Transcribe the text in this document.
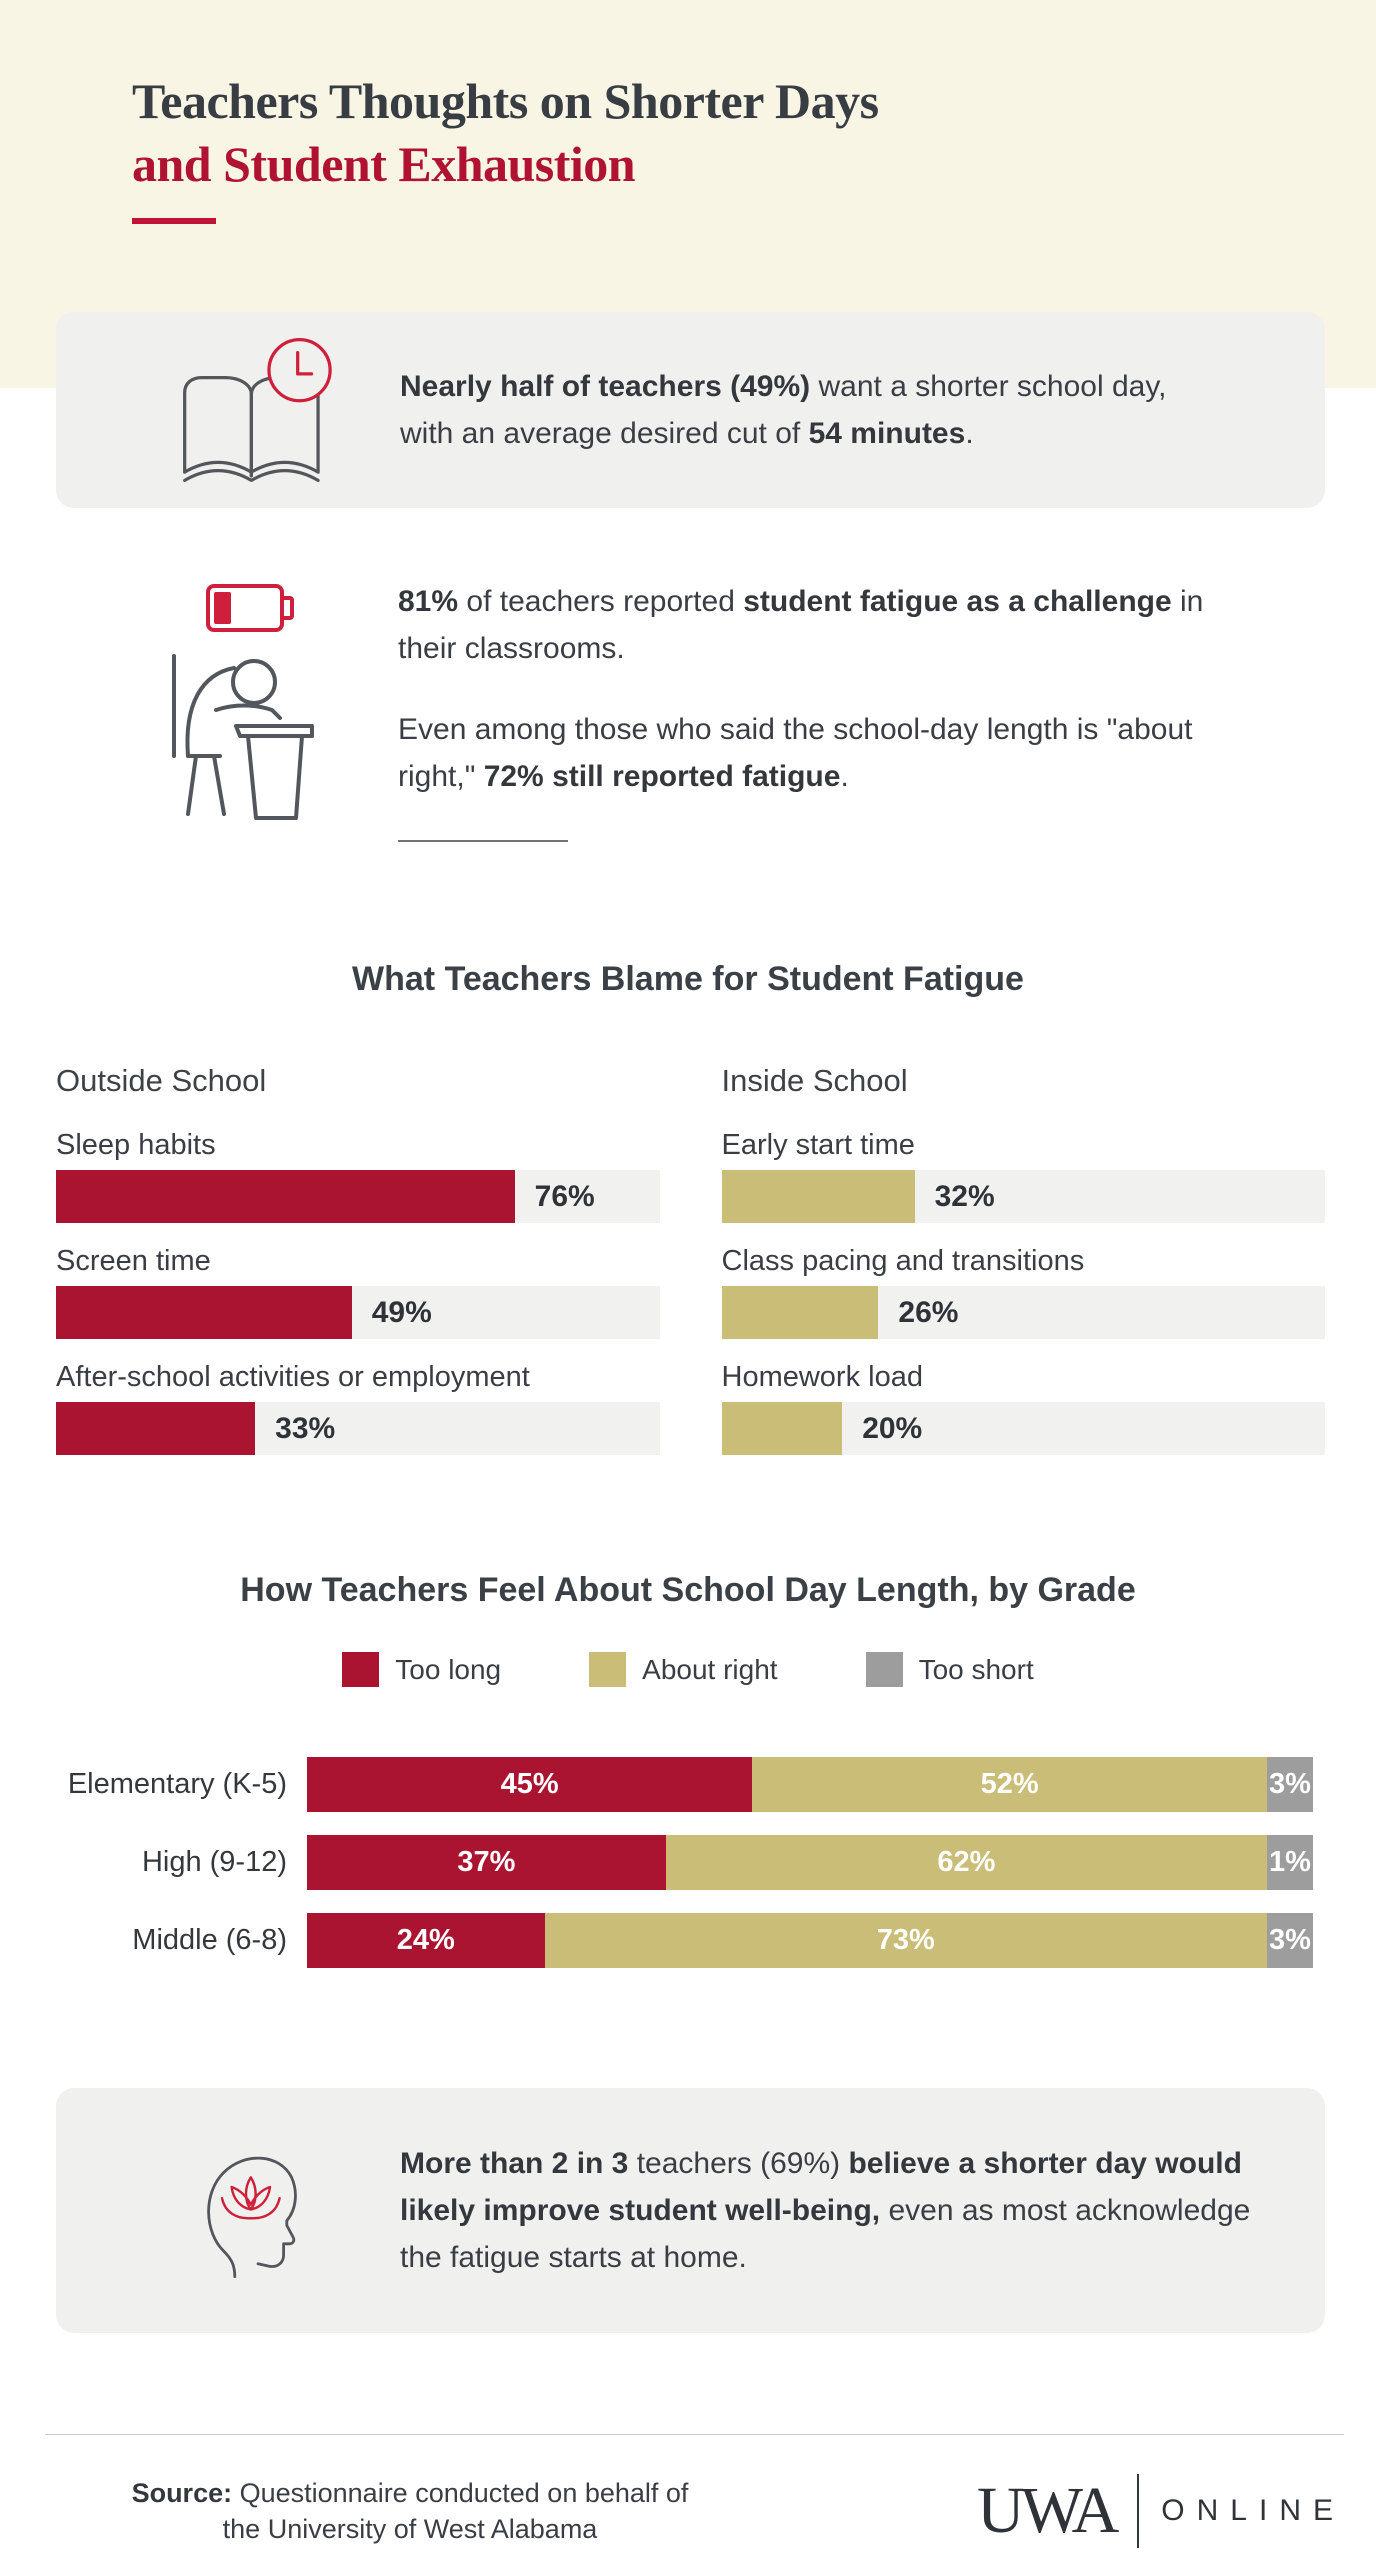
Teachers Thoughts on Shorter Days
and Student Exhaustion

Nearly half of teachers (49%) want a shorter school day, with an average desired cut of 54 minutes.

81% of teachers reported student fatigue as a challenge in their classrooms.

Even among those who said the school-day length is "about right," 72% still reported fatigue.

What Teachers Blame for Student Fatigue
Outside School
Sleep habits
76%
Screen time
49%
After-school activities or employment
33%
Inside School
Early start time
32%
Class pacing and transitions
26%
Homework load
20%
How Teachers Feel About School Day Length, by Grade
Too long	About right	Too short
Elementary (K-5)	45%	52%	3%
High (9-12)	37%	62%	1%
Middle (6-8)	24%	73%	3%

More than 2 in 3 teachers (69%) believe a shorter day would likely improve student well-being, even as most acknowledge the fatigue starts at home.

Source: Questionnaire conducted on behalf of
the University of West Alabama	UWA ONLINE
